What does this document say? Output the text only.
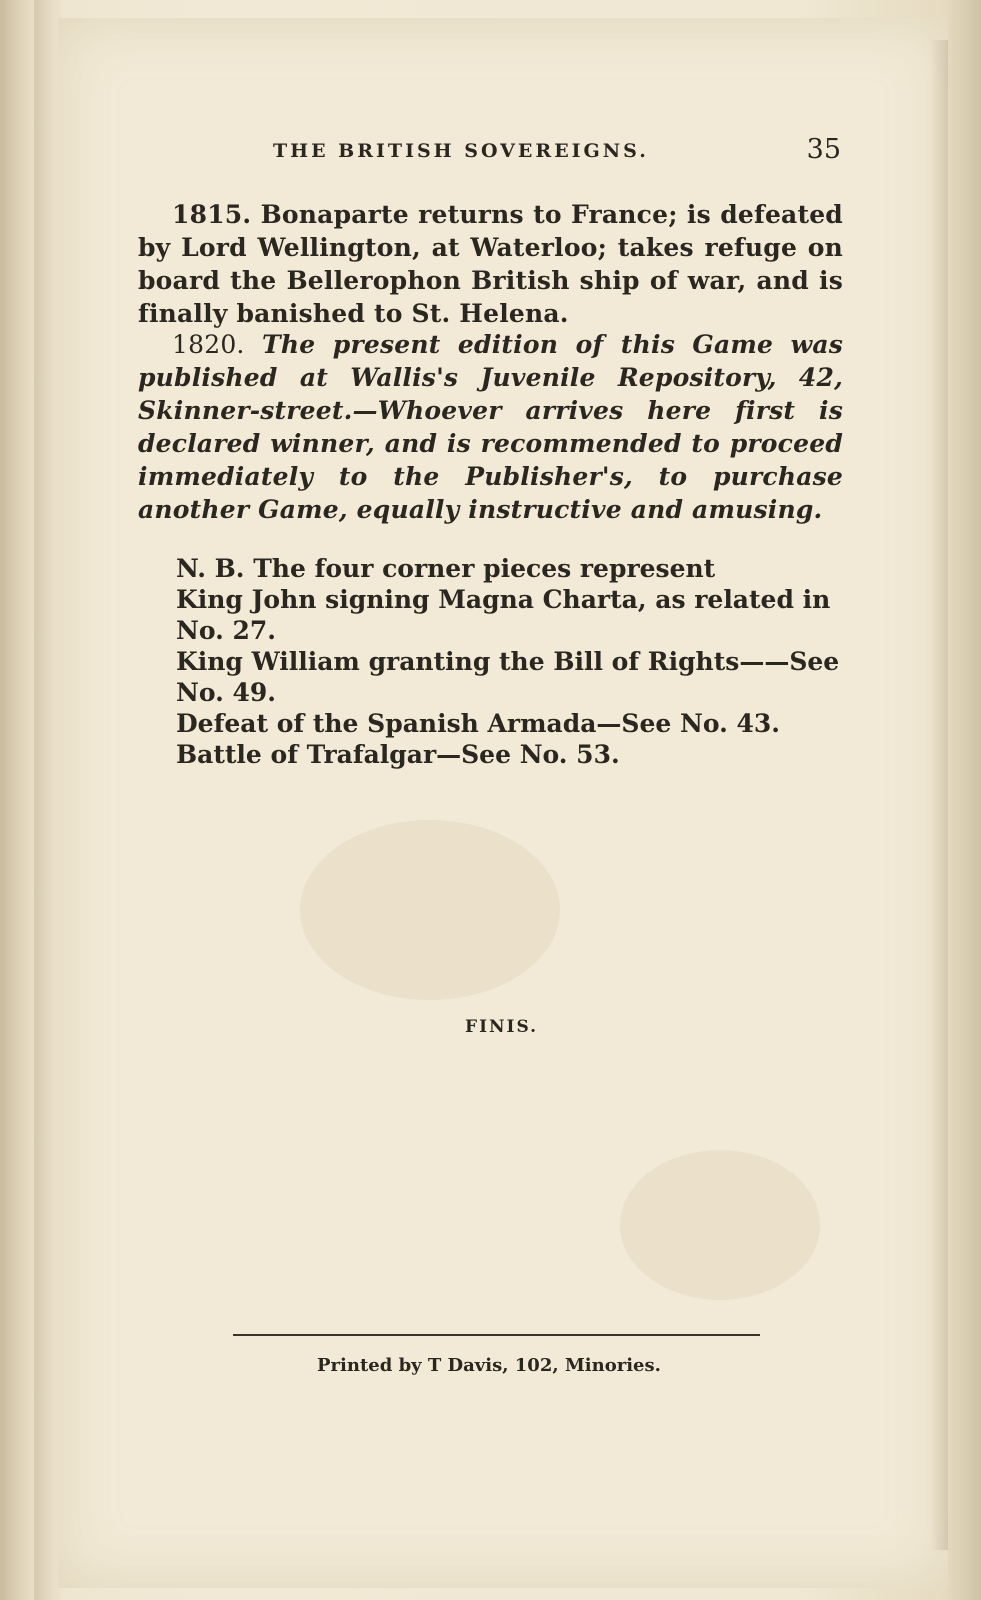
THE BRITISH SOVEREIGNS.	35

1815. Bonaparte returns to France; is defeated by Lord Wellington, at Waterloo; takes refuge on board the Bellerophon British ship of war, and is finally banished to St. Helena.

1820. The present edition of this Game was published at Wallis's Juvenile Repository, 42, Skinner-street.—Whoever arrives here first is declared winner, and is recommended to proceed immediately to the Publisher's, to purchase another Game, equally instructive and amusing.

N. B. The four corner pieces represent
King John signing Magna Charta, as related in No. 27.
King William granting the Bill of Rights——See No. 49.
Defeat of the Spanish Armada—See No. 43.
Battle of Trafalgar—See No. 53.
FINIS.
Printed by T Davis, 102, Minories.
